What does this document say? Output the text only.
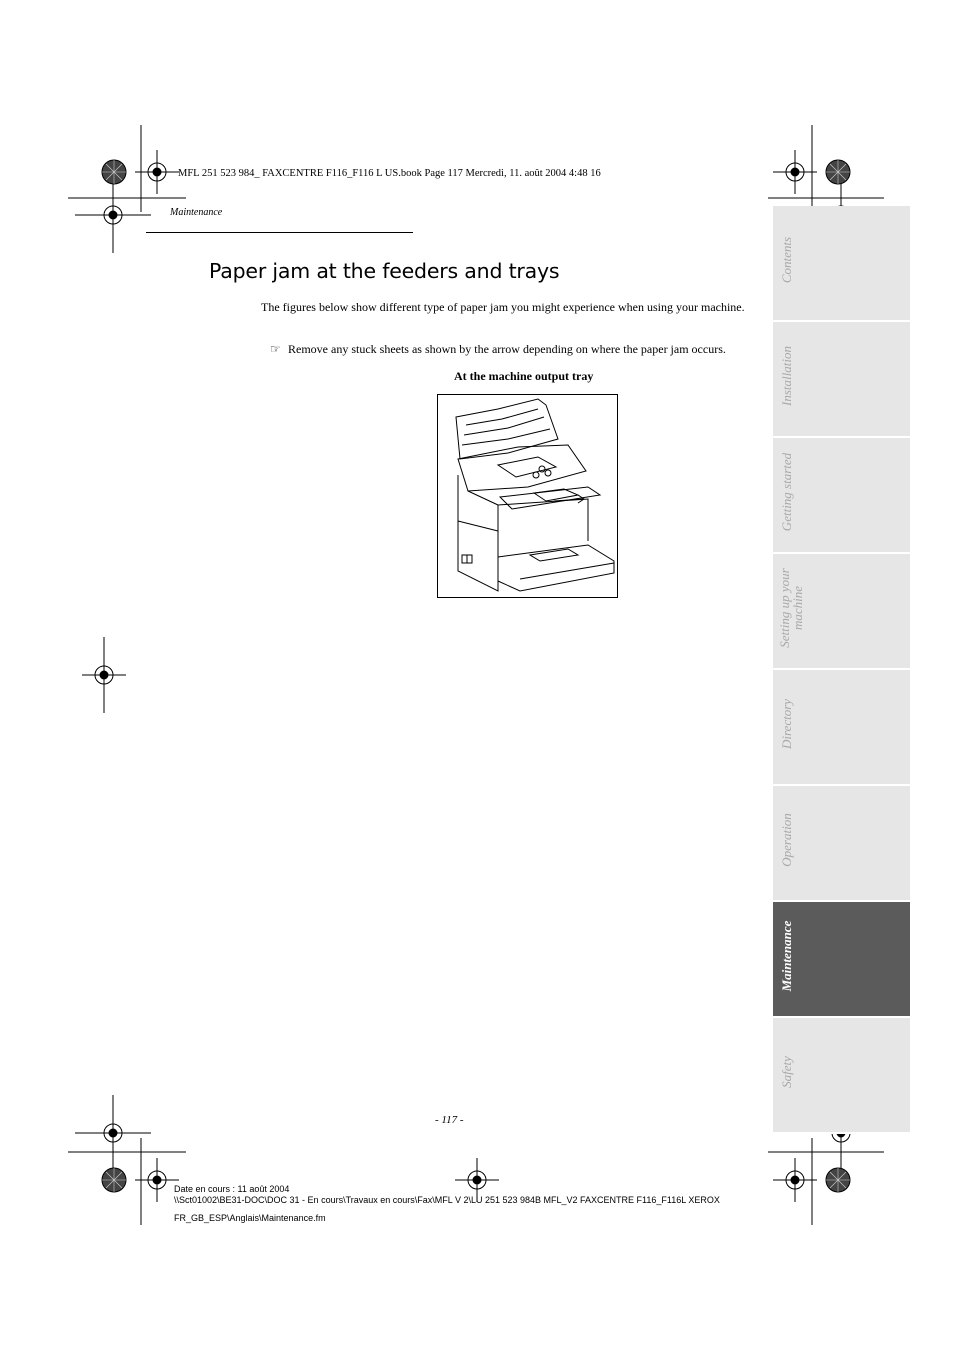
MFL 251 523 984_ FAXCENTRE F116_F116 L US.book Page 117 Mercredi, 11. août 2004 4:48 16
Maintenance
Paper jam at the feeders and trays
The figures below show different type of paper jam you might experience when using your machine.
☞ Remove any stuck sheets as shown by the arrow depending on where the paper jam occurs.
At the machine output tray
- 117 -
Date en cours : 11 août 2004
\\Sct01002\BE31-DOC\DOC 31 - En cours\Travaux en cours\Fax\MFL V 2\LU 251 523 984B MFL_V2 FAXCENTRE F116_F116L XEROX
FR_GB_ESP\Anglais\Maintenance.fm
Contents
Installation
Getting started
Setting up your machine
Directory
Operation
Maintenance
Safety
